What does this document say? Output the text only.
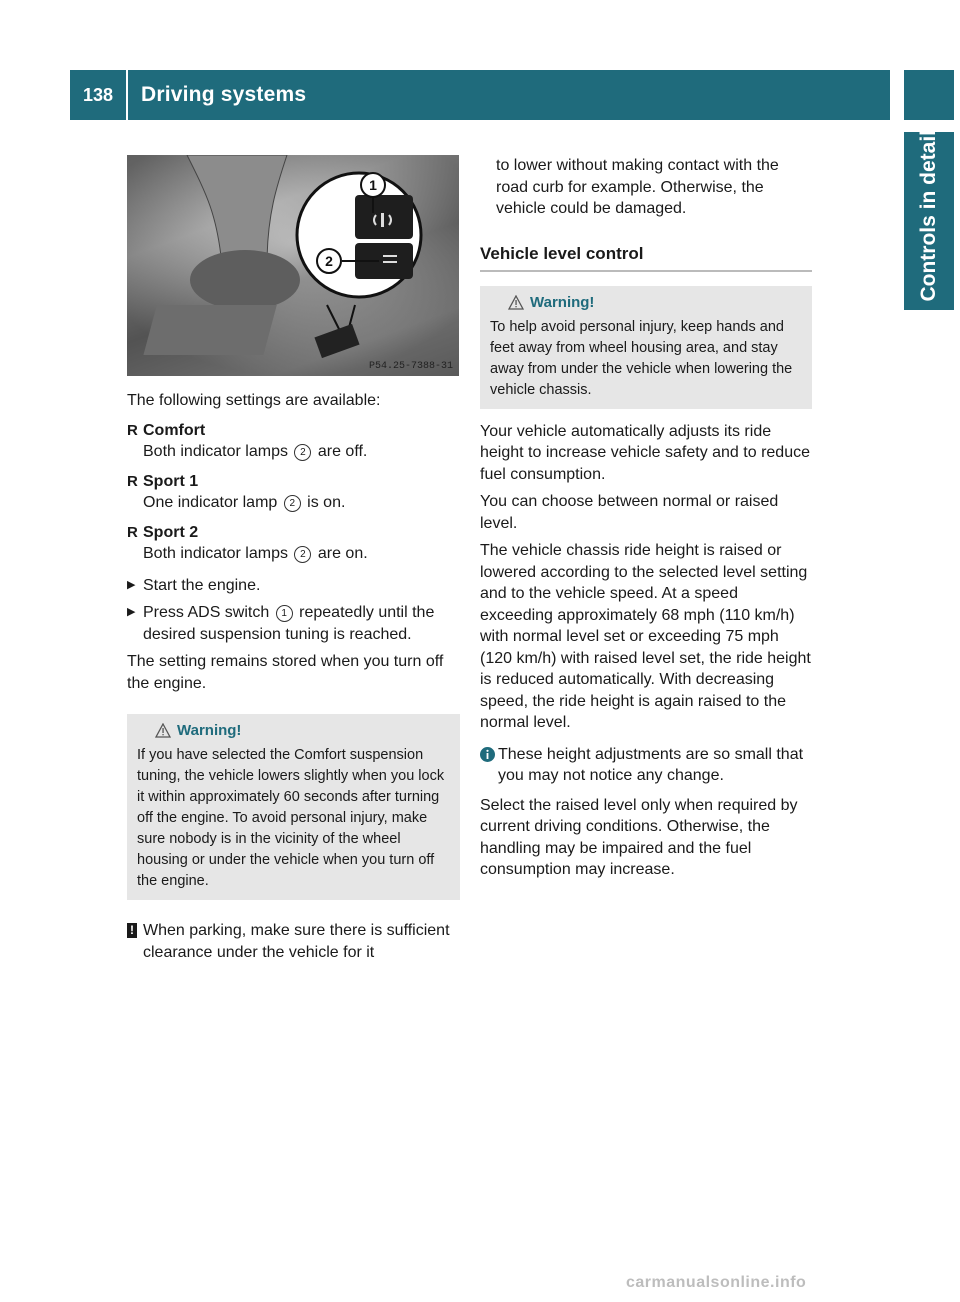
138	Driving systems
Controls in detail
1
2
P54.25-7388-31

The following settings are available:

R Comfort

Both indicator lamps 2 are off.

R Sport 1

One indicator lamp 2 is on.

R Sport 2

Both indicator lamps 2 are on.

▶ Start the engine.

▶ Press ADS switch 1 repeatedly until the desired suspension tuning is reached.

The setting remains stored when you turn off the engine.

Warning!

If you have selected the Comfort suspension tuning, the vehicle lowers slightly when you lock it within approximately 60 seconds after turning off the engine. To avoid personal injury, make sure nobody is in the vicinity of the wheel housing or under the vehicle when you turn off the engine.

! When parking, make sure there is sufficient clearance under the vehicle for it

to lower without making contact with the road curb for example. Otherwise, the vehicle could be damaged.

Vehicle level control
Warning!

To help avoid personal injury, keep hands and feet away from wheel housing area, and stay away from under the vehicle when lowering the vehicle chassis.

Your vehicle automatically adjusts its ride height to increase vehicle safety and to reduce fuel consumption.

You can choose between normal or raised level.

The vehicle chassis ride height is raised or lowered according to the selected level setting and to the vehicle speed. At a speed exceeding approximately 68 mph (110 km/h) with normal level set or exceeding 75 mph (120 km/h) with raised level set, the ride height is reduced automatically. With decreasing speed, the ride height is again raised to the normal level.

These height adjustments are so small that you may not notice any change.

Select the raised level only when required by current driving conditions. Otherwise, the handling may be impaired and the fuel consumption may increase.

carmanualsonline.info
